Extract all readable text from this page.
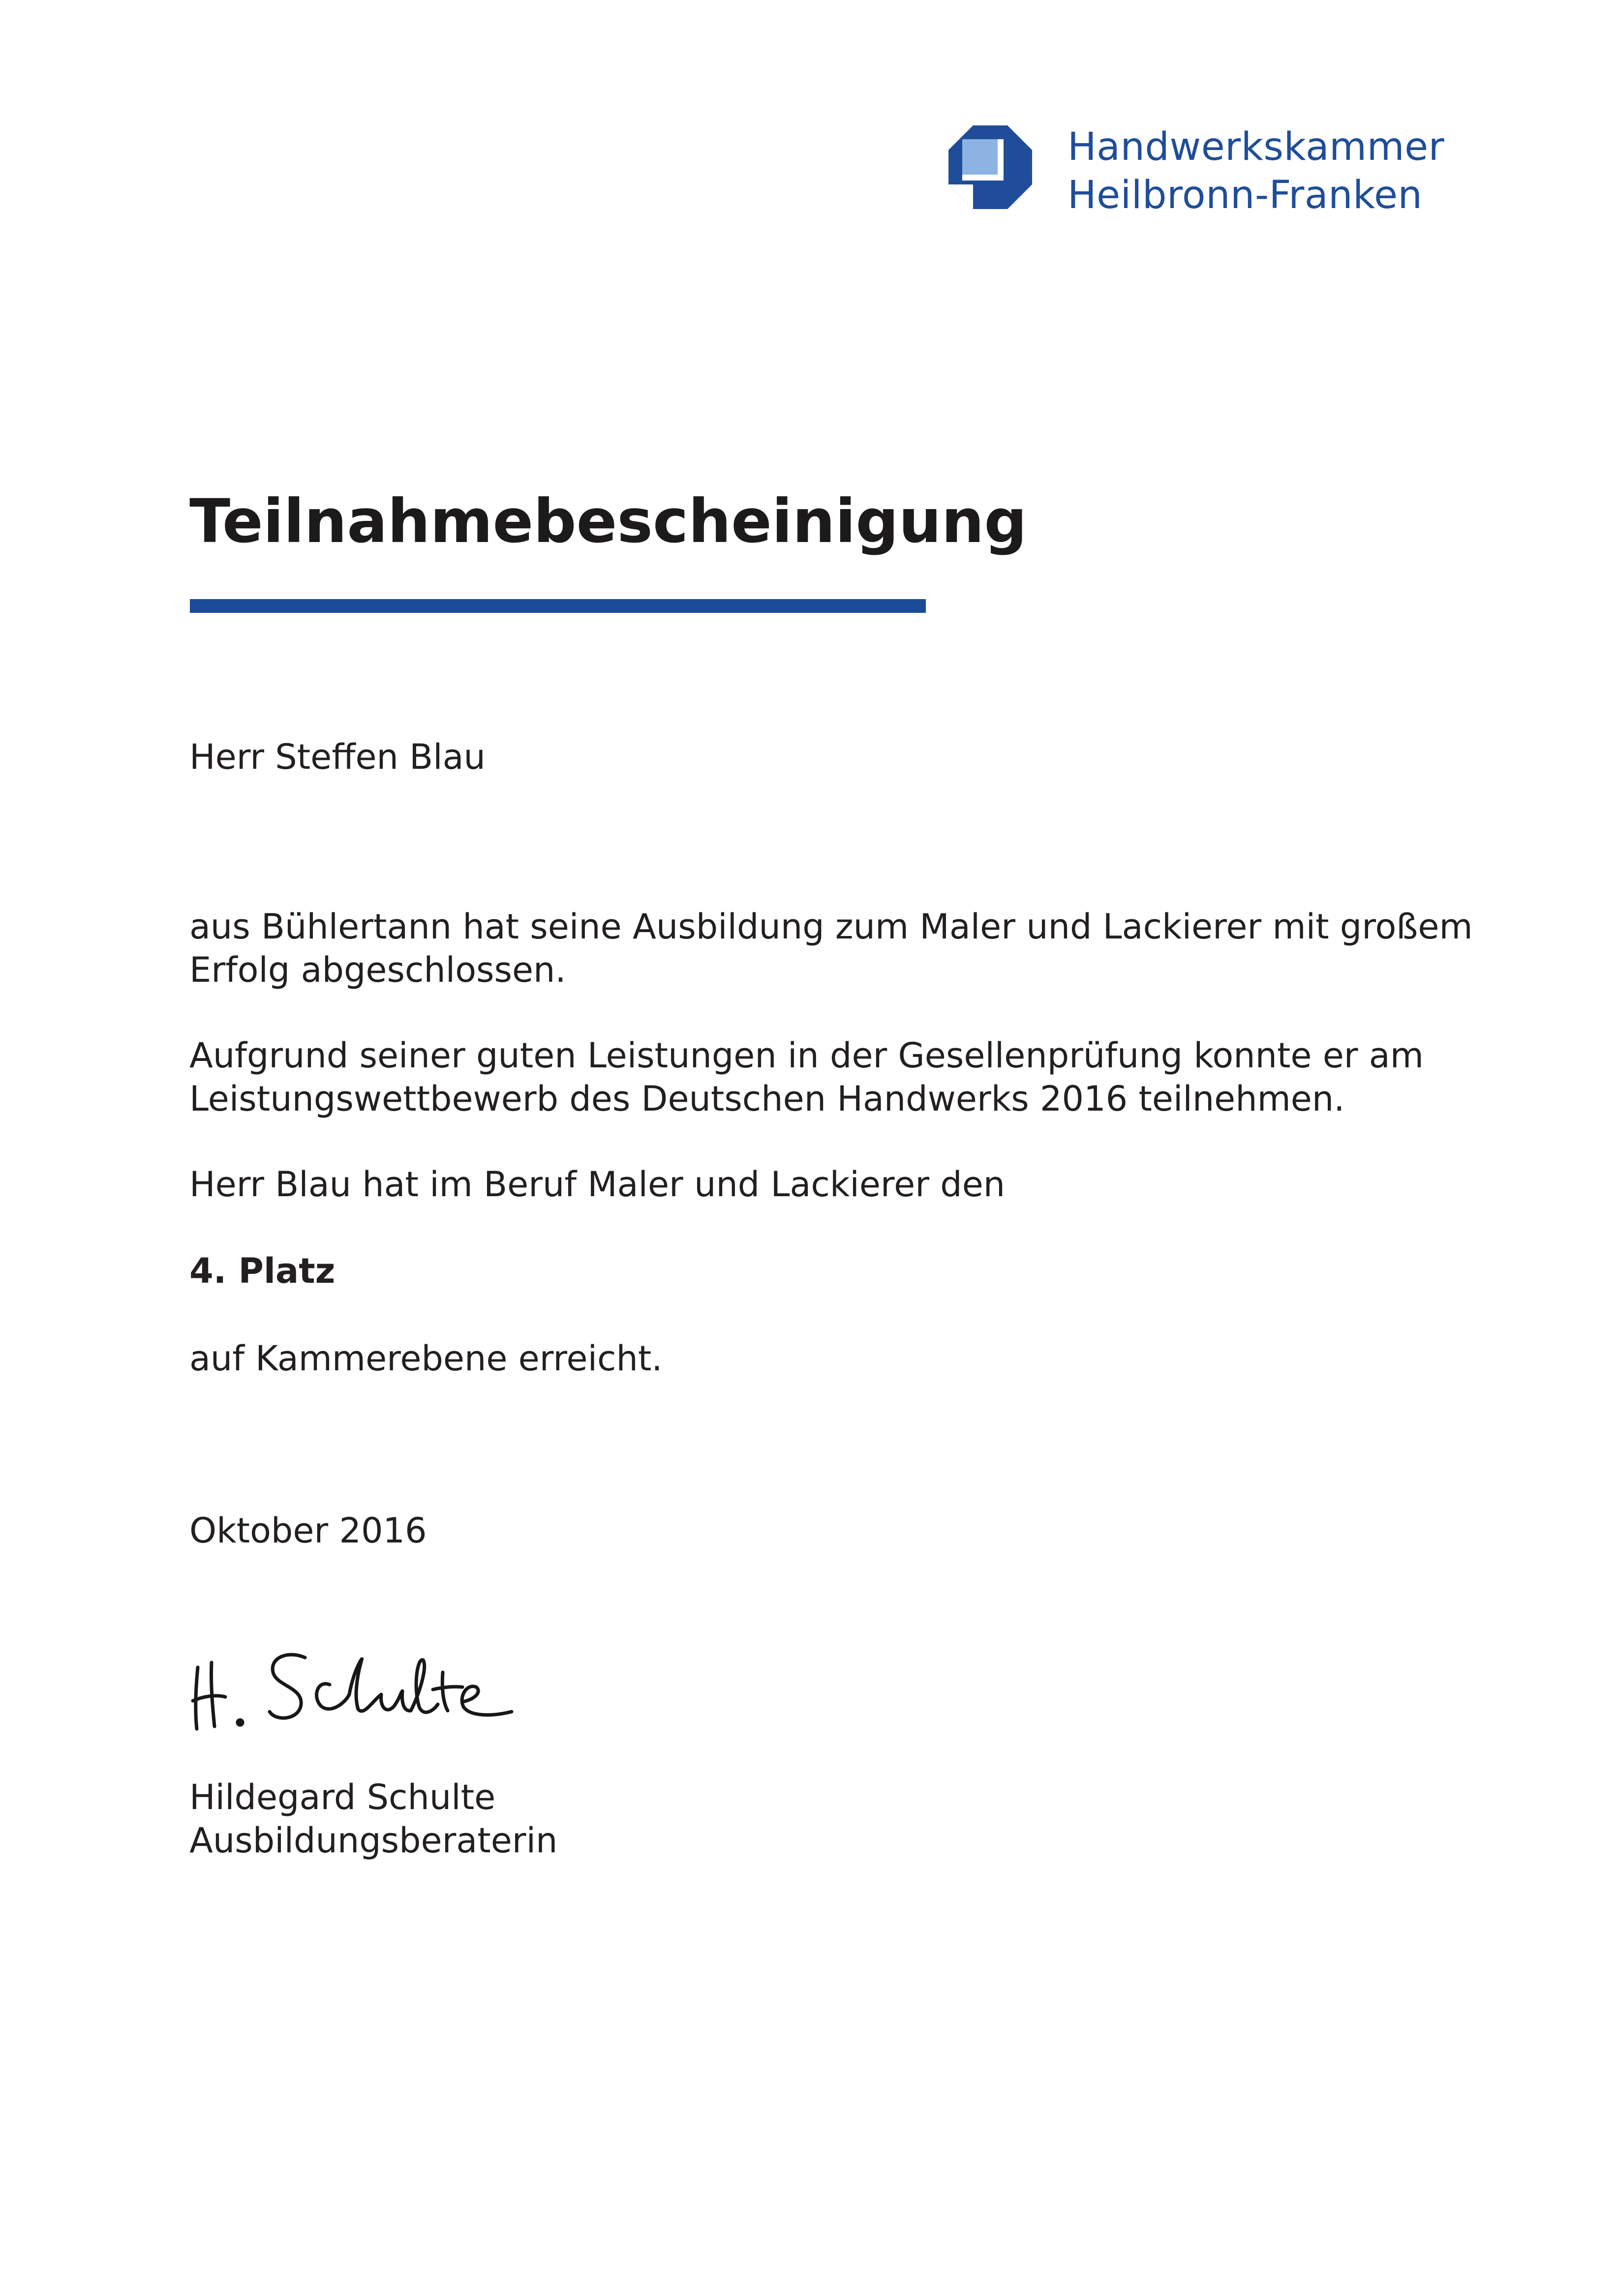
Handwerkskammer
Heilbronn-Franken
Teilnahmebescheinigung

Herr Steffen Blau

aus Bühlertann hat seine Ausbildung zum Maler und Lackierer mit großem
Erfolg abgeschlossen.

Aufgrund seiner guten Leistungen in der Gesellenprüfung konnte er am
Leistungswettbewerb des Deutschen Handwerks 2016 teilnehmen.

Herr Blau hat im Beruf Maler und Lackierer den

4. Platz

auf Kammerebene erreicht.

Oktober 2016

Hildegard Schulte
Ausbildungsberaterin
